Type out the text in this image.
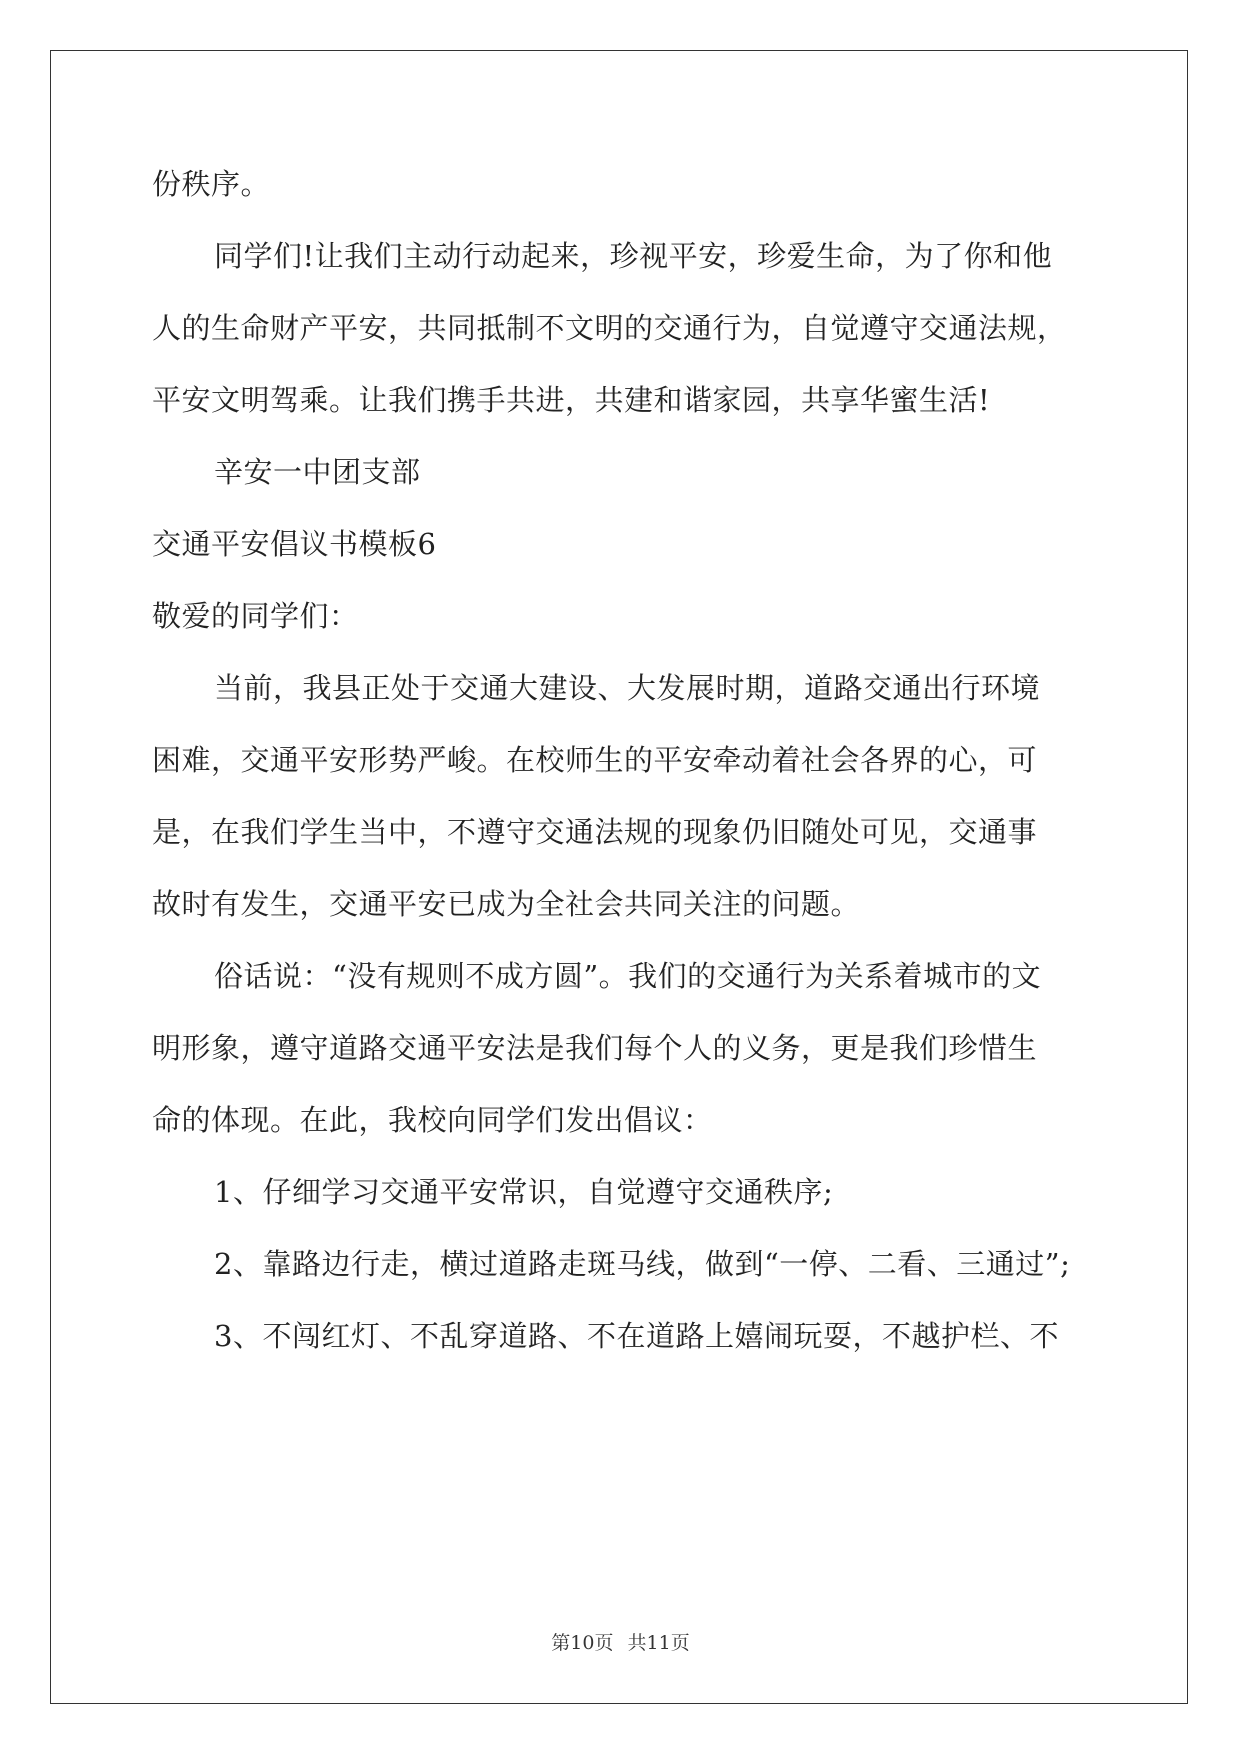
份秩序。
同学们!让我们主动行动起来，珍视平安，珍爱生命，为了你和他
人的生命财产平安，共同抵制不文明的交通行为，自觉遵守交通法规，
平安文明驾乘。让我们携手共进，共建和谐家园，共享华蜜生活!
辛安一中团支部
交通平安倡议书模板6
敬爱的同学们：
当前，我县正处于交通大建设、大发展时期，道路交通出行环境
困难，交通平安形势严峻。在校师生的平安牵动着社会各界的心，可
是，在我们学生当中，不遵守交通法规的现象仍旧随处可见，交通事
故时有发生，交通平安已成为全社会共同关注的问题。
俗话说：“没有规则不成方圆”。我们的交通行为关系着城市的文
明形象，遵守道路交通平安法是我们每个人的义务，更是我们珍惜生
命的体现。在此，我校向同学们发出倡议：
1、仔细学习交通平安常识，自觉遵守交通秩序;
2、靠路边行走，横过道路走斑马线，做到“一停、二看、三通过”;
3、不闯红灯、不乱穿道路、不在道路上嬉闹玩耍，不越护栏、不
第10页 共11页
